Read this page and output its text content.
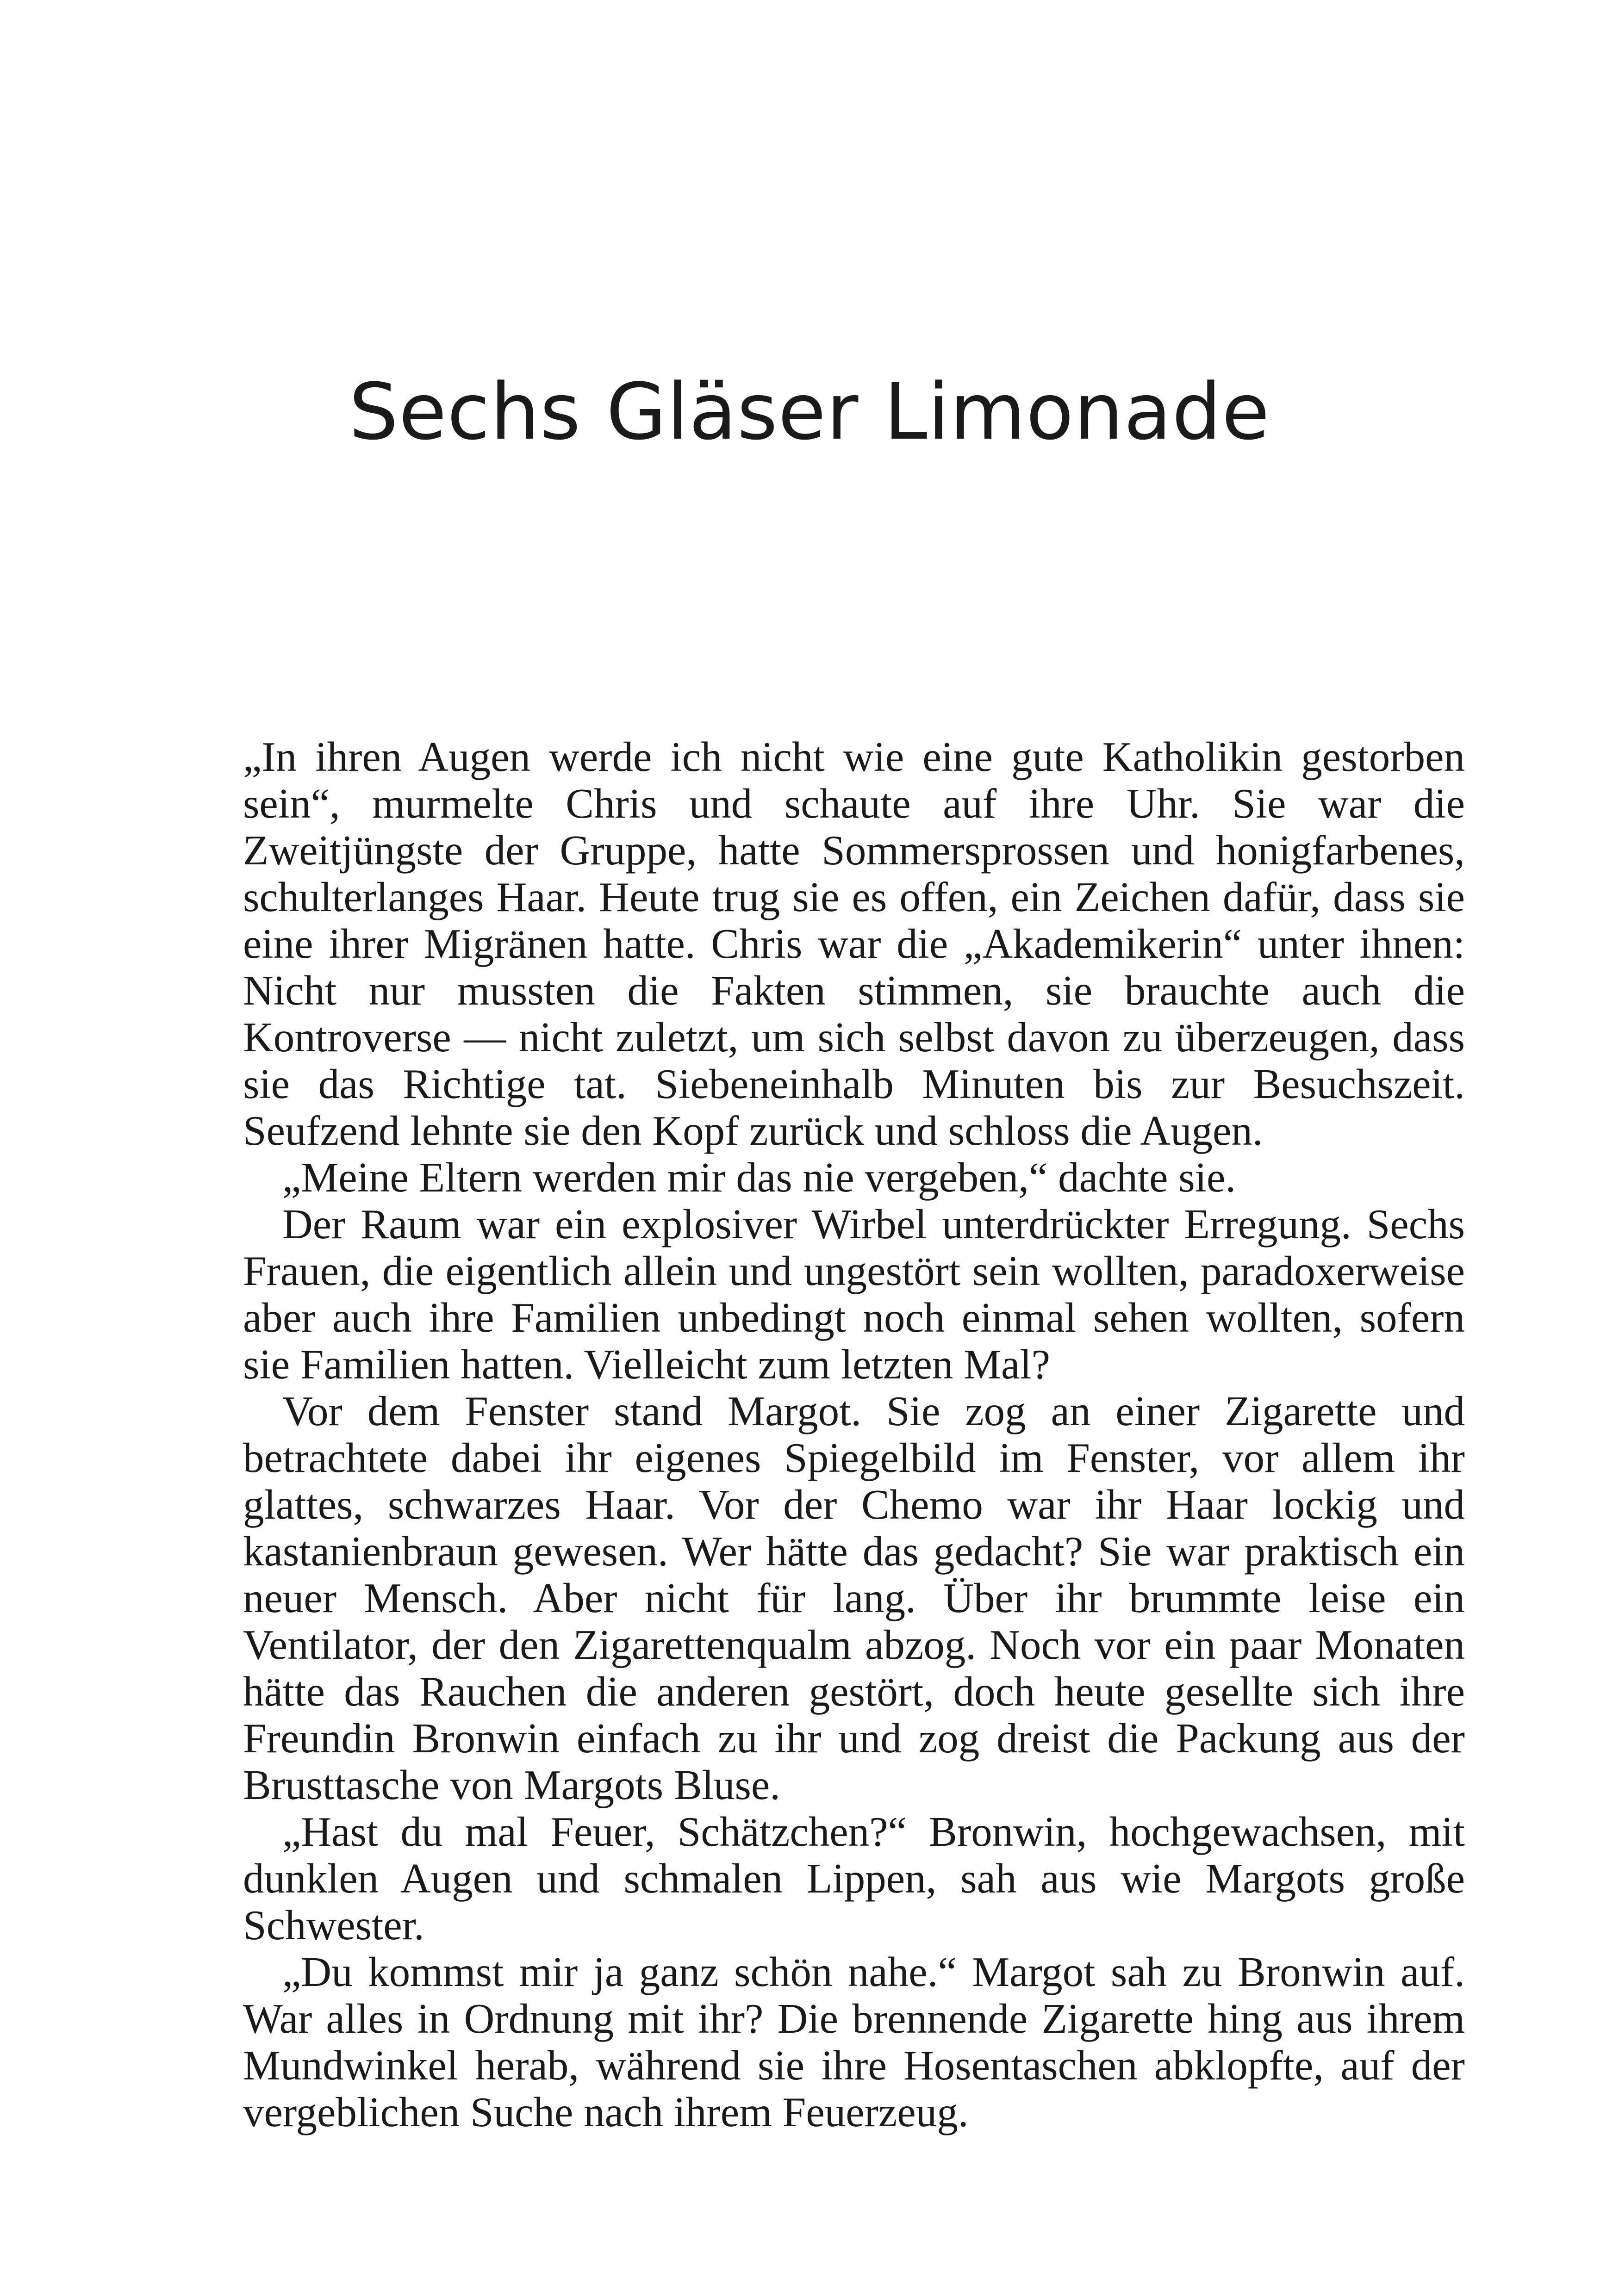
Sechs Gläser Limonade

„In ihren Augen werde ich nicht wie eine gute Katholikin gestorben sein“, murmelte Chris und schaute auf ihre Uhr. Sie war die Zweitjüngste der Gruppe, hatte Sommersprossen und honigfarbenes, schulterlanges Haar. Heute trug sie es offen, ein Zeichen dafür, dass sie eine ihrer Migränen hatte. Chris war die „Akademikerin“ unter ihnen: Nicht nur mussten die Fakten stimmen, sie brauchte auch die Kontroverse — nicht zuletzt, um sich selbst davon zu überzeugen, dass sie das Richtige tat. Siebeneinhalb Minuten bis zur Besuchszeit. Seufzend lehnte sie den Kopf zurück und schloss die Augen.

„Meine Eltern werden mir das nie vergeben,“ dachte sie.

Der Raum war ein explosiver Wirbel unterdrückter Erregung. Sechs Frauen, die eigentlich allein und ungestört sein wollten, paradoxerweise aber auch ihre Familien unbedingt noch einmal sehen wollten, sofern sie Familien hatten. Vielleicht zum letzten Mal?

Vor dem Fenster stand Margot. Sie zog an einer Zigarette und betrachtete dabei ihr eigenes Spiegelbild im Fenster, vor allem ihr glattes, schwarzes Haar. Vor der Chemo war ihr Haar lockig und kastanienbraun gewesen. Wer hätte das gedacht? Sie war praktisch ein neuer Mensch. Aber nicht für lang. Über ihr brummte leise ein Ventilator, der den Zigarettenqualm abzog. Noch vor ein paar Monaten hätte das Rauchen die anderen gestört, doch heute gesellte sich ihre Freundin Bronwin einfach zu ihr und zog dreist die Packung aus der Brusttasche von Margots Bluse.

„Hast du mal Feuer, Schätzchen?“ Bronwin, hochgewachsen, mit dunklen Augen und schmalen Lippen, sah aus wie Margots große Schwester.

„Du kommst mir ja ganz schön nahe.“ Margot sah zu Bronwin auf. War alles in Ordnung mit ihr? Die brennende Zigarette hing aus ihrem Mundwinkel herab, während sie ihre Hosentaschen abklopfte, auf der vergeblichen Suche nach ihrem Feuerzeug.
